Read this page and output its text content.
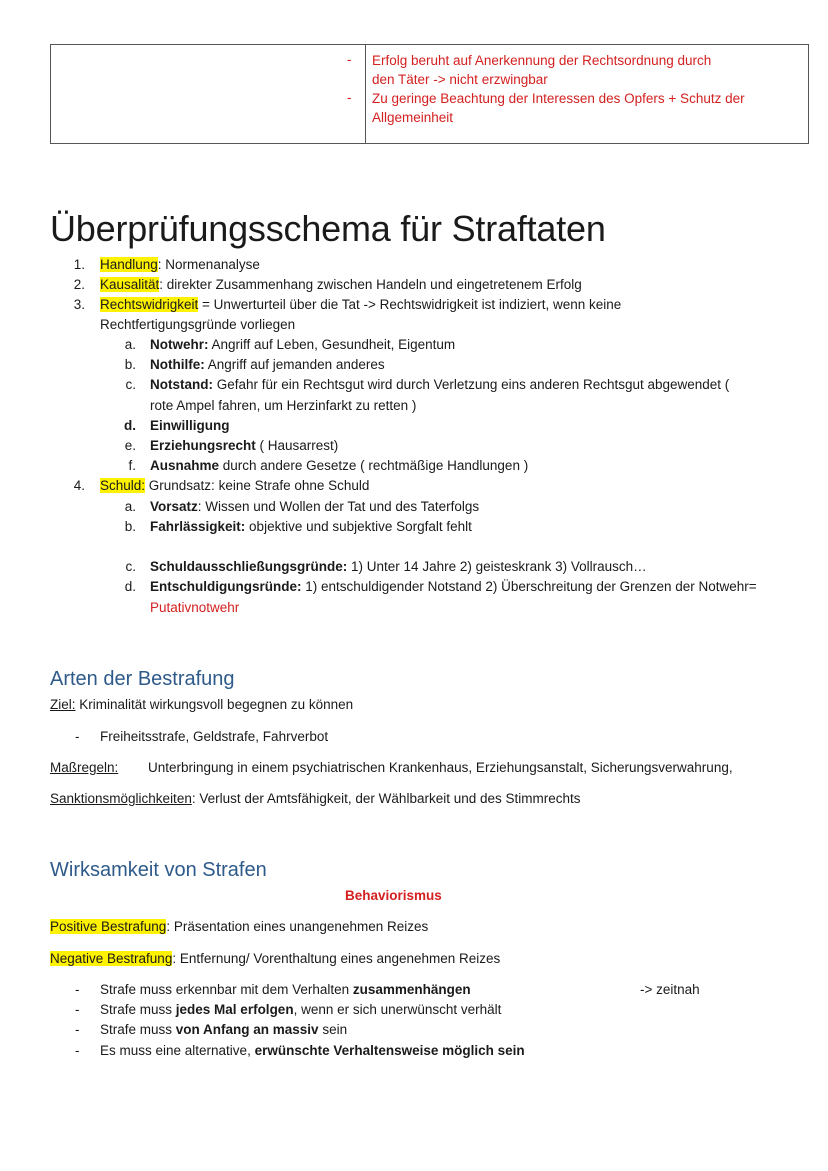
- Erfolg beruht auf Anerkennung der Rechtsordnung durch
den Täter -> nicht erzwingbar
- Zu geringe Beachtung der Interessen des Opfers + Schutz der
Allgemeinheit
Überprüfungsschema für Straftaten
1. Handlung: Normenanalyse
2. Kausalität: direkter Zusammenhang zwischen Handeln und eingetretenem Erfolg
3. Rechtswidrigkeit = Unwerturteil über die Tat -> Rechtswidrigkeit ist indiziert, wenn keine
Rechtfertigungsgründe vorliegen
a. Notwehr: Angriff auf Leben, Gesundheit, Eigentum
b. Nothilfe: Angriff auf jemanden anderes
c. Notstand: Gefahr für ein Rechtsgut wird durch Verletzung eins anderen Rechtsgut abgewendet (
rote Ampel fahren, um Herzinfarkt zu retten )
d. Einwilligung
e. Erziehungsrecht ( Hausarrest)
f. Ausnahme durch andere Gesetze ( rechtmäßige Handlungen )
4. Schuld: Grundsatz: keine Strafe ohne Schuld
a. Vorsatz: Wissen und Wollen der Tat und des Taterfolgs
b. Fahrlässigkeit: objektive und subjektive Sorgfalt fehlt
c. Schuldausschließungsgründe: 1) Unter 14 Jahre 2) geisteskrank 3) Vollrausch…
d. Entschuldigungsründe: 1) entschuldigender Notstand 2) Überschreitung der Grenzen der Notwehr=
Putativnotwehr
Arten der Bestrafung
Ziel: Kriminalität wirkungsvoll begegnen zu können
- Freiheitsstrafe, Geldstrafe, Fahrverbot
Maßregeln: Unterbringung in einem psychiatrischen Krankenhaus, Erziehungsanstalt, Sicherungsverwahrung,
Sanktionsmöglichkeiten: Verlust der Amtsfähigkeit, der Wählbarkeit und des Stimmrechts
Wirksamkeit von Strafen
Behaviorismus
Positive Bestrafung: Präsentation eines unangenehmen Reizes
Negative Bestrafung: Entfernung/ Vorenthaltung eines angenehmen Reizes
- Strafe muss erkennbar mit dem Verhalten zusammenhängen	-> zeitnah
- Strafe muss jedes Mal erfolgen, wenn er sich unerwünscht verhält
- Strafe muss von Anfang an massiv sein
- Es muss eine alternative, erwünschte Verhaltensweise möglich sein
